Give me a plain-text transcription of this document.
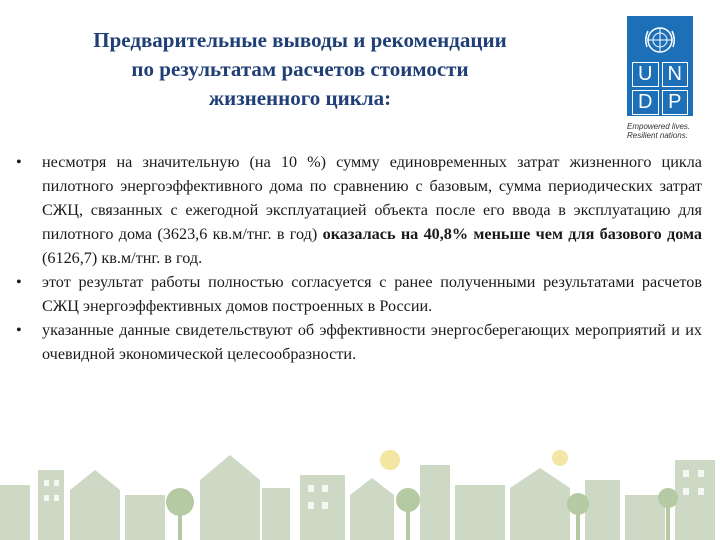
Предварительные выводы и рекомендации
по результатам расчетов стоимости
жизненного цикла:
U N
D P
Empowered lives.
Resilient nations.
• несмотря на значительную (на 10 %) сумму единовременных затрат жизненного цикла пилотного энергоэффективного дома по сравнению с базовым, сумма периодических затрат СЖЦ, связанных с ежегодной эксплуатацией объекта после его ввода в эксплуатацию для пилотного дома (3623,6 кв.м/тнг. в год) оказалась на 40,8% меньше чем для базового дома (6126,7) кв.м/тнг. в год.
• этот результат работы полностью согласуется с ранее полученными результатами расчетов СЖЦ энергоэффективных домов построенных в России.
• указанные данные свидетельствуют об эффективности энергосберегающих мероприятий и их очевидной экономической целесообразности.
